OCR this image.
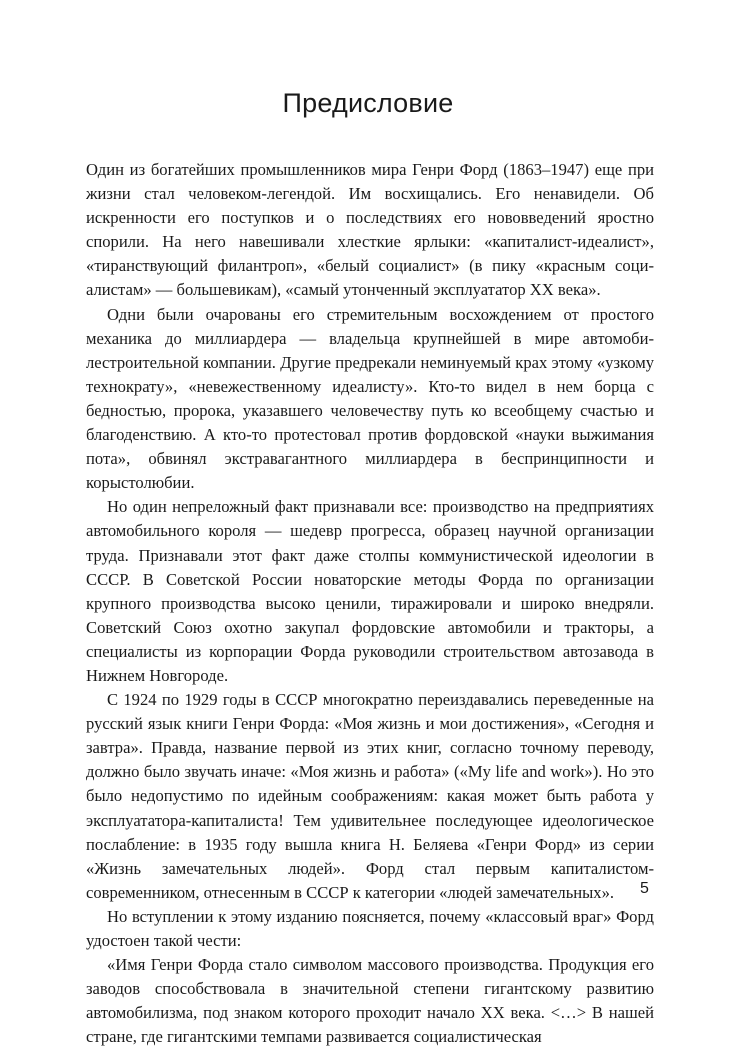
Предисловие

Один из богатейших промышленников мира Генри Форд (1863–1947) еще при жизни стал человеком-легендой. Им восхищались. Его ненавидели. Об искренности его поступков и о последствиях его нововведений яростно спорили. На него навешивали хлесткие ярлыки: «капиталист-идеалист», «тиранствующий филантроп», «белый социалист» (в пику «красным социалистам» — большевикам), «самый утонченный эксплуататор XX века».

Одни были очарованы его стремительным восхождением от простого механика до миллиардера — владельца крупнейшей в мире автомобилестроительной компании. Другие предрекали неминуемый крах этому «узкому технократу», «невежественному идеалисту». Кто-то видел в нем борца с бедностью, пророка, указавшего человечеству путь ко всеобщему счастью и благоденствию. А кто-то протестовал против фордовской «науки выжимания пота», обвинял экстравагантного миллиардера в беспринципности и корыстолюбии.

Но один непреложный факт признавали все: производство на предприятиях автомобильного короля — шедевр прогресса, образец научной организации труда. Признавали этот факт даже столпы коммунистической идеологии в СССР. В Советской России новаторские методы Форда по организации крупного производства высоко ценили, тиражировали и широко внедряли. Советский Союз охотно закупал фордовские автомобили и тракторы, а специалисты из корпорации Форда руководили строительством автозавода в Нижнем Новгороде.

С 1924 по 1929 годы в СССР многократно переиздавались переведенные на русский язык книги Генри Форда: «Моя жизнь и мои достижения», «Сегодня и завтра». Правда, название первой из этих книг, согласно точному переводу, должно было звучать иначе: «Моя жизнь и работа» («My life and work»). Но это было недопустимо по идейным соображениям: какая может быть работа у эксплуататора-капиталиста! Тем удивительнее последующее идеологическое послабление: в 1935 году вышла книга Н. Беляева «Генри Форд» из серии «Жизнь замечательных людей». Форд стал первым капиталистом-современником, отнесенным в СССР к категории «людей замечательных».

Но вступлении к этому изданию поясняется, почему «классовый враг» Форд удостоен такой чести:

«Имя Генри Форда стало символом массового производства. Продукция его заводов способствовала в значительной степени гигантскому развитию автомобилизма, под знаком которого проходит начало XX века. <…> В нашей стране, где гигантскими темпами развивается социалистическая

5
